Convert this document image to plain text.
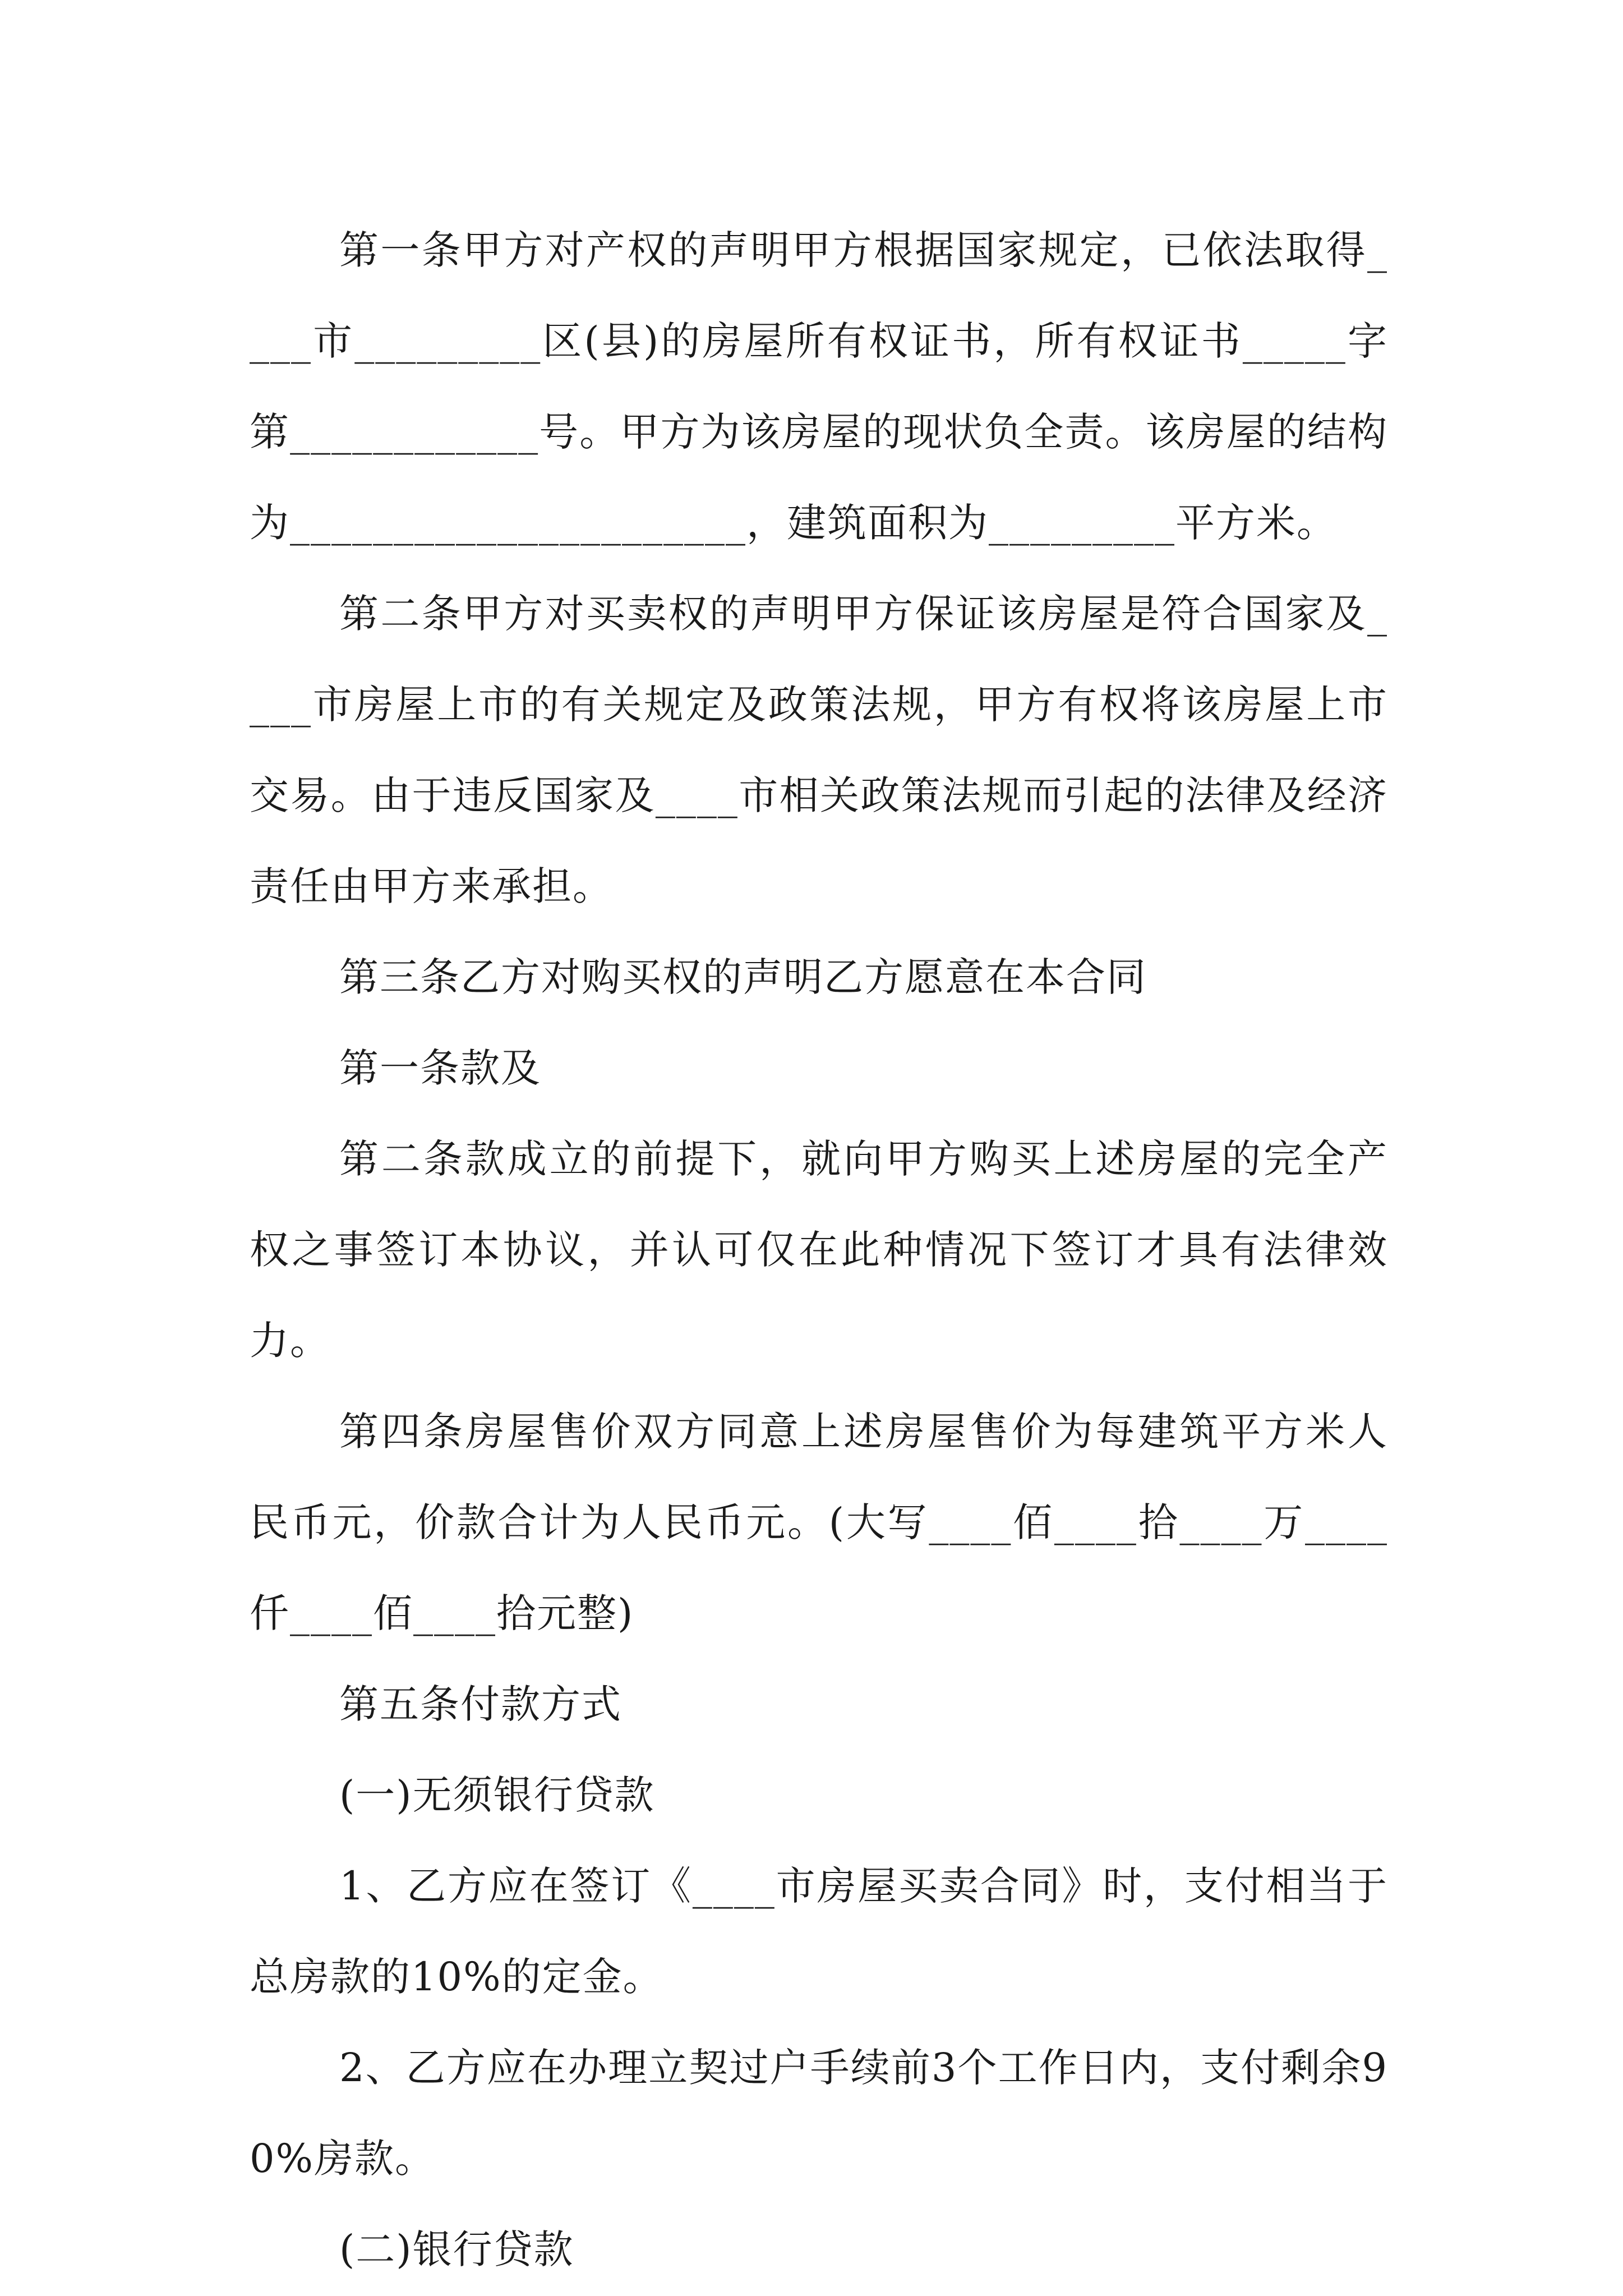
第一条甲方对产权的声明甲方根据国家规定，已依法取得____市_________区(县)的房屋所有权证书，所有权证书_____字第____________号。甲方为该房屋的现状负全责。该房屋的结构为______________________，建筑面积为_________平方米。

第二条甲方对买卖权的声明甲方保证该房屋是符合国家及____市房屋上市的有关规定及政策法规，甲方有权将该房屋上市交易。由于违反国家及____市相关政策法规而引起的法律及经济责任由甲方来承担。

第三条乙方对购买权的声明乙方愿意在本合同

第一条款及

第二条款成立的前提下，就向甲方购买上述房屋的完全产权之事签订本协议，并认可仅在此种情况下签订才具有法律效力。

第四条房屋售价双方同意上述房屋售价为每建筑平方米人民币元，价款合计为人民币元。(大写____佰____拾____万____仟____佰____拾元整)

第五条付款方式

(一)无须银行贷款

1、乙方应在签订《____市房屋买卖合同》时，支付相当于总房款的10%的定金。

2、乙方应在办理立契过户手续前3个工作日内，支付剩余90%房款。

(二)银行贷款
